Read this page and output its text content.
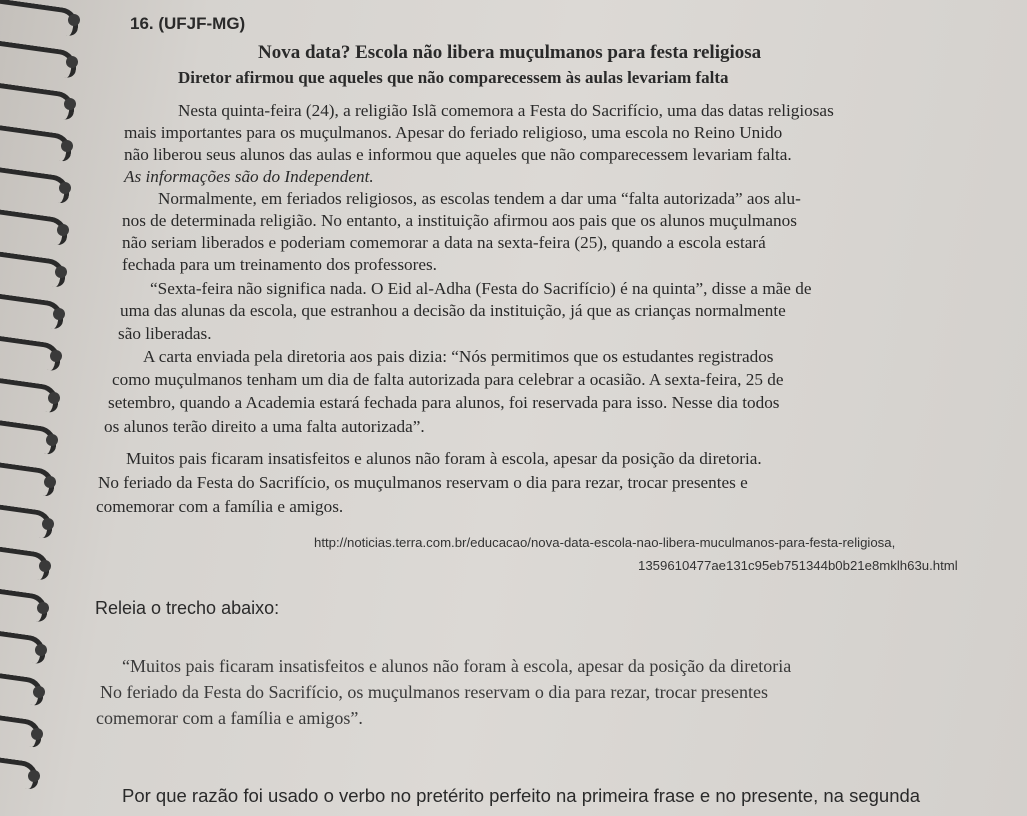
16. (UFJF-MG)
Nova data? Escola não libera muçulmanos para festa religiosa
Diretor afirmou que aqueles que não comparecessem às aulas levariam falta
Nesta quinta-feira (24), a religião Islã comemora a Festa do Sacrifício, uma das datas religiosas
mais importantes para os muçulmanos. Apesar do feriado religioso, uma escola no Reino Unido
não liberou seus alunos das aulas e informou que aqueles que não comparecessem levariam falta.
As informações são do Independent.
Normalmente, em feriados religiosos, as escolas tendem a dar uma “falta autorizada” aos alu-
nos de determinada religião. No entanto, a instituição afirmou aos pais que os alunos muçulmanos
não seriam liberados e poderiam comemorar a data na sexta-feira (25), quando a escola estará
fechada para um treinamento dos professores.
“Sexta-feira não significa nada. O Eid al-Adha (Festa do Sacrifício) é na quinta”, disse a mãe de
uma das alunas da escola, que estranhou a decisão da instituição, já que as crianças normalmente
são liberadas.
A carta enviada pela diretoria aos pais dizia: “Nós permitimos que os estudantes registrados
como muçulmanos tenham um dia de falta autorizada para celebrar a ocasião. A sexta-feira, 25 de
setembro, quando a Academia estará fechada para alunos, foi reservada para isso. Nesse dia todos
os alunos terão direito a uma falta autorizada”.
Muitos pais ficaram insatisfeitos e alunos não foram à escola, apesar da posição da diretoria.
No feriado da Festa do Sacrifício, os muçulmanos reservam o dia para rezar, trocar presentes e
comemorar com a família e amigos.
http://noticias.terra.com.br/educacao/nova-data-escola-nao-libera-muculmanos-para-festa-religiosa,
1359610477ae131c95eb751344b0b21e8mklh63u.html
Releia o trecho abaixo:
“Muitos pais ficaram insatisfeitos e alunos não foram à escola, apesar da posição da diretoria
No feriado da Festa do Sacrifício, os muçulmanos reservam o dia para rezar, trocar presentes
comemorar com a família e amigos”.
Por que razão foi usado o verbo no pretérito perfeito na primeira frase e no presente, na segunda
